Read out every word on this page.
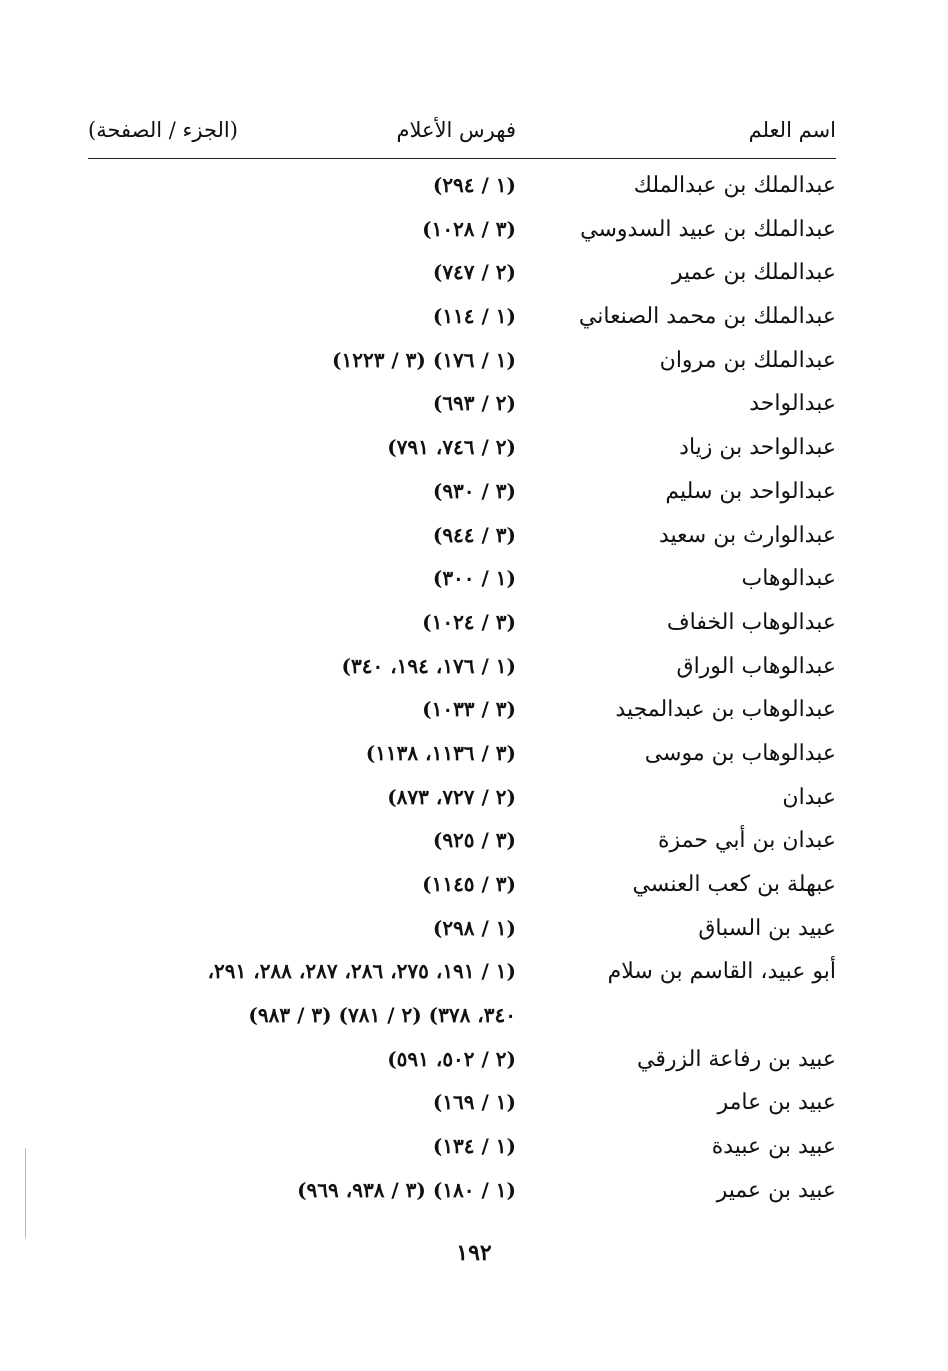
اسم العلم
فهرس الأعلام
(الجزء / الصفحة)
عبدالملك بن عبدالملك
(١ / ٢٩٤)
عبدالملك بن عبيد السدوسي
(٣ / ١٠٢٨)
عبدالملك بن عمير
(٢ / ٧٤٧)
عبدالملك بن محمد الصنعاني
(١ / ١١٤)
عبدالملك بن مروان
(١ / ١٧٦) (٣ / ١٢٢٣)
عبدالواحد
(٢ / ٦٩٣)
عبدالواحد بن زياد
(٢ / ٧٤٦، ٧٩١)
عبدالواحد بن سليم
(٣ / ٩٣٠)
عبدالوارث بن سعيد
(٣ / ٩٤٤)
عبدالوهاب
(١ / ٣٠٠)
عبدالوهاب الخفاف
(٣ / ١٠٢٤)
عبدالوهاب الوراق
(١ / ١٧٦، ١٩٤، ٣٤٠)
عبدالوهاب بن عبدالمجيد
(٣ / ١٠٣٣)
عبدالوهاب بن موسى
(٣ / ١١٣٦، ١١٣٨)
عبدان
(٢ / ٧٢٧، ٨٧٣)
عبدان بن أبي حمزة
(٣ / ٩٢٥)
عبهلة بن كعب العنسي
(٣ / ١١٤٥)
عبيد بن السباق
(١ / ٢٩٨)
أبو عبيد، القاسم بن سلام
(١ / ١٩١، ٢٧٥، ٢٨٦، ٢٨٧، ٢٨٨، ٢٩١،
٣٤٠، ٣٧٨) (٢ / ٧٨١) (٣ / ٩٨٣)
عبيد بن رفاعة الزرقي
(٢ / ٥٠٢، ٥٩١)
عبيد بن عامر
(١ / ١٦٩)
عبيد بن عبيدة
(١ / ١٣٤)
عبيد بن عمير
(١ / ١٨٠) (٣ / ٩٣٨، ٩٦٩)
١٩٢
